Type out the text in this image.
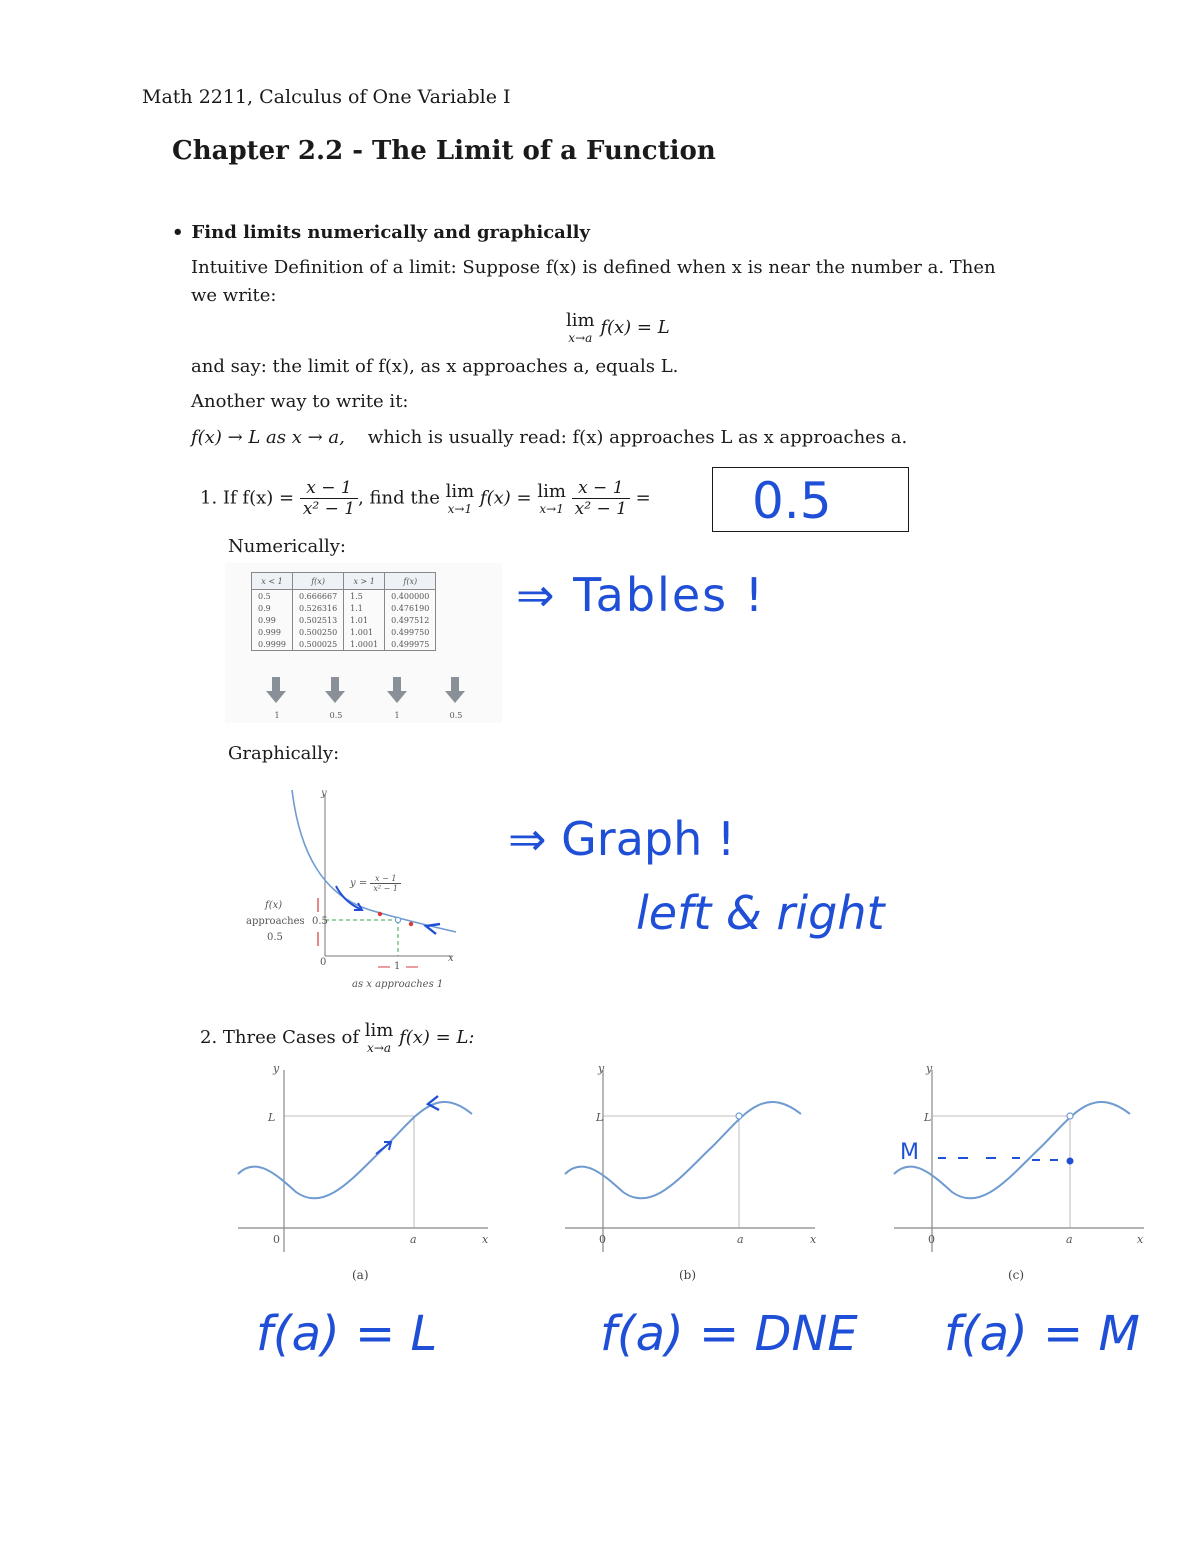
Math 2211, Calculus of One Variable I
Chapter 2.2 - The Limit of a Function
• Find limits numerically and graphically
Intuitive Definition of a limit: Suppose f(x) is defined when x is near the number a. Then
we write:
lim
x→a f(x) = L
and say: the limit of f(x), as x approaches a, equals L.
Another way to write it:
f(x) → L as x → a, which is usually read: f(x) approaches L as x approaches a.
1. If $f(x) = \frac{x - 1}{\text{x² − 1}}$ , find the lim
x→1 f(x) = lim
x→1
$\frac{x - 1}{\text{x² − 1}} = 0.5$
Numerically:
x < 1	f(x)	x > 1	f(x)
0.5	0.666667	1.5	0.400000
0.9	0.526316	1.1	0.476190
0.99	0.502513	1.01	0.497512
0.999	0.500250	1.001	0.499750
0.9999	0.500025	1.0001	0.499975
1	0.5	1	0.5
⇒ Tables !
Graphically:
y
x
0
$y = \frac{x - 1}{\text{x² − 1}}$
f(x)
approaches 0.5
0.5
1
as x approaches 1
⇒ Graph !
left & right
2. Three Cases of lim
x→a f(x) = L:
y
L
0	a	x
(a)
y
L
0	a	x
(b)
y
L
0	a	x
(c)
M
f(a) = L	f(a) = DNE f(a) = M
